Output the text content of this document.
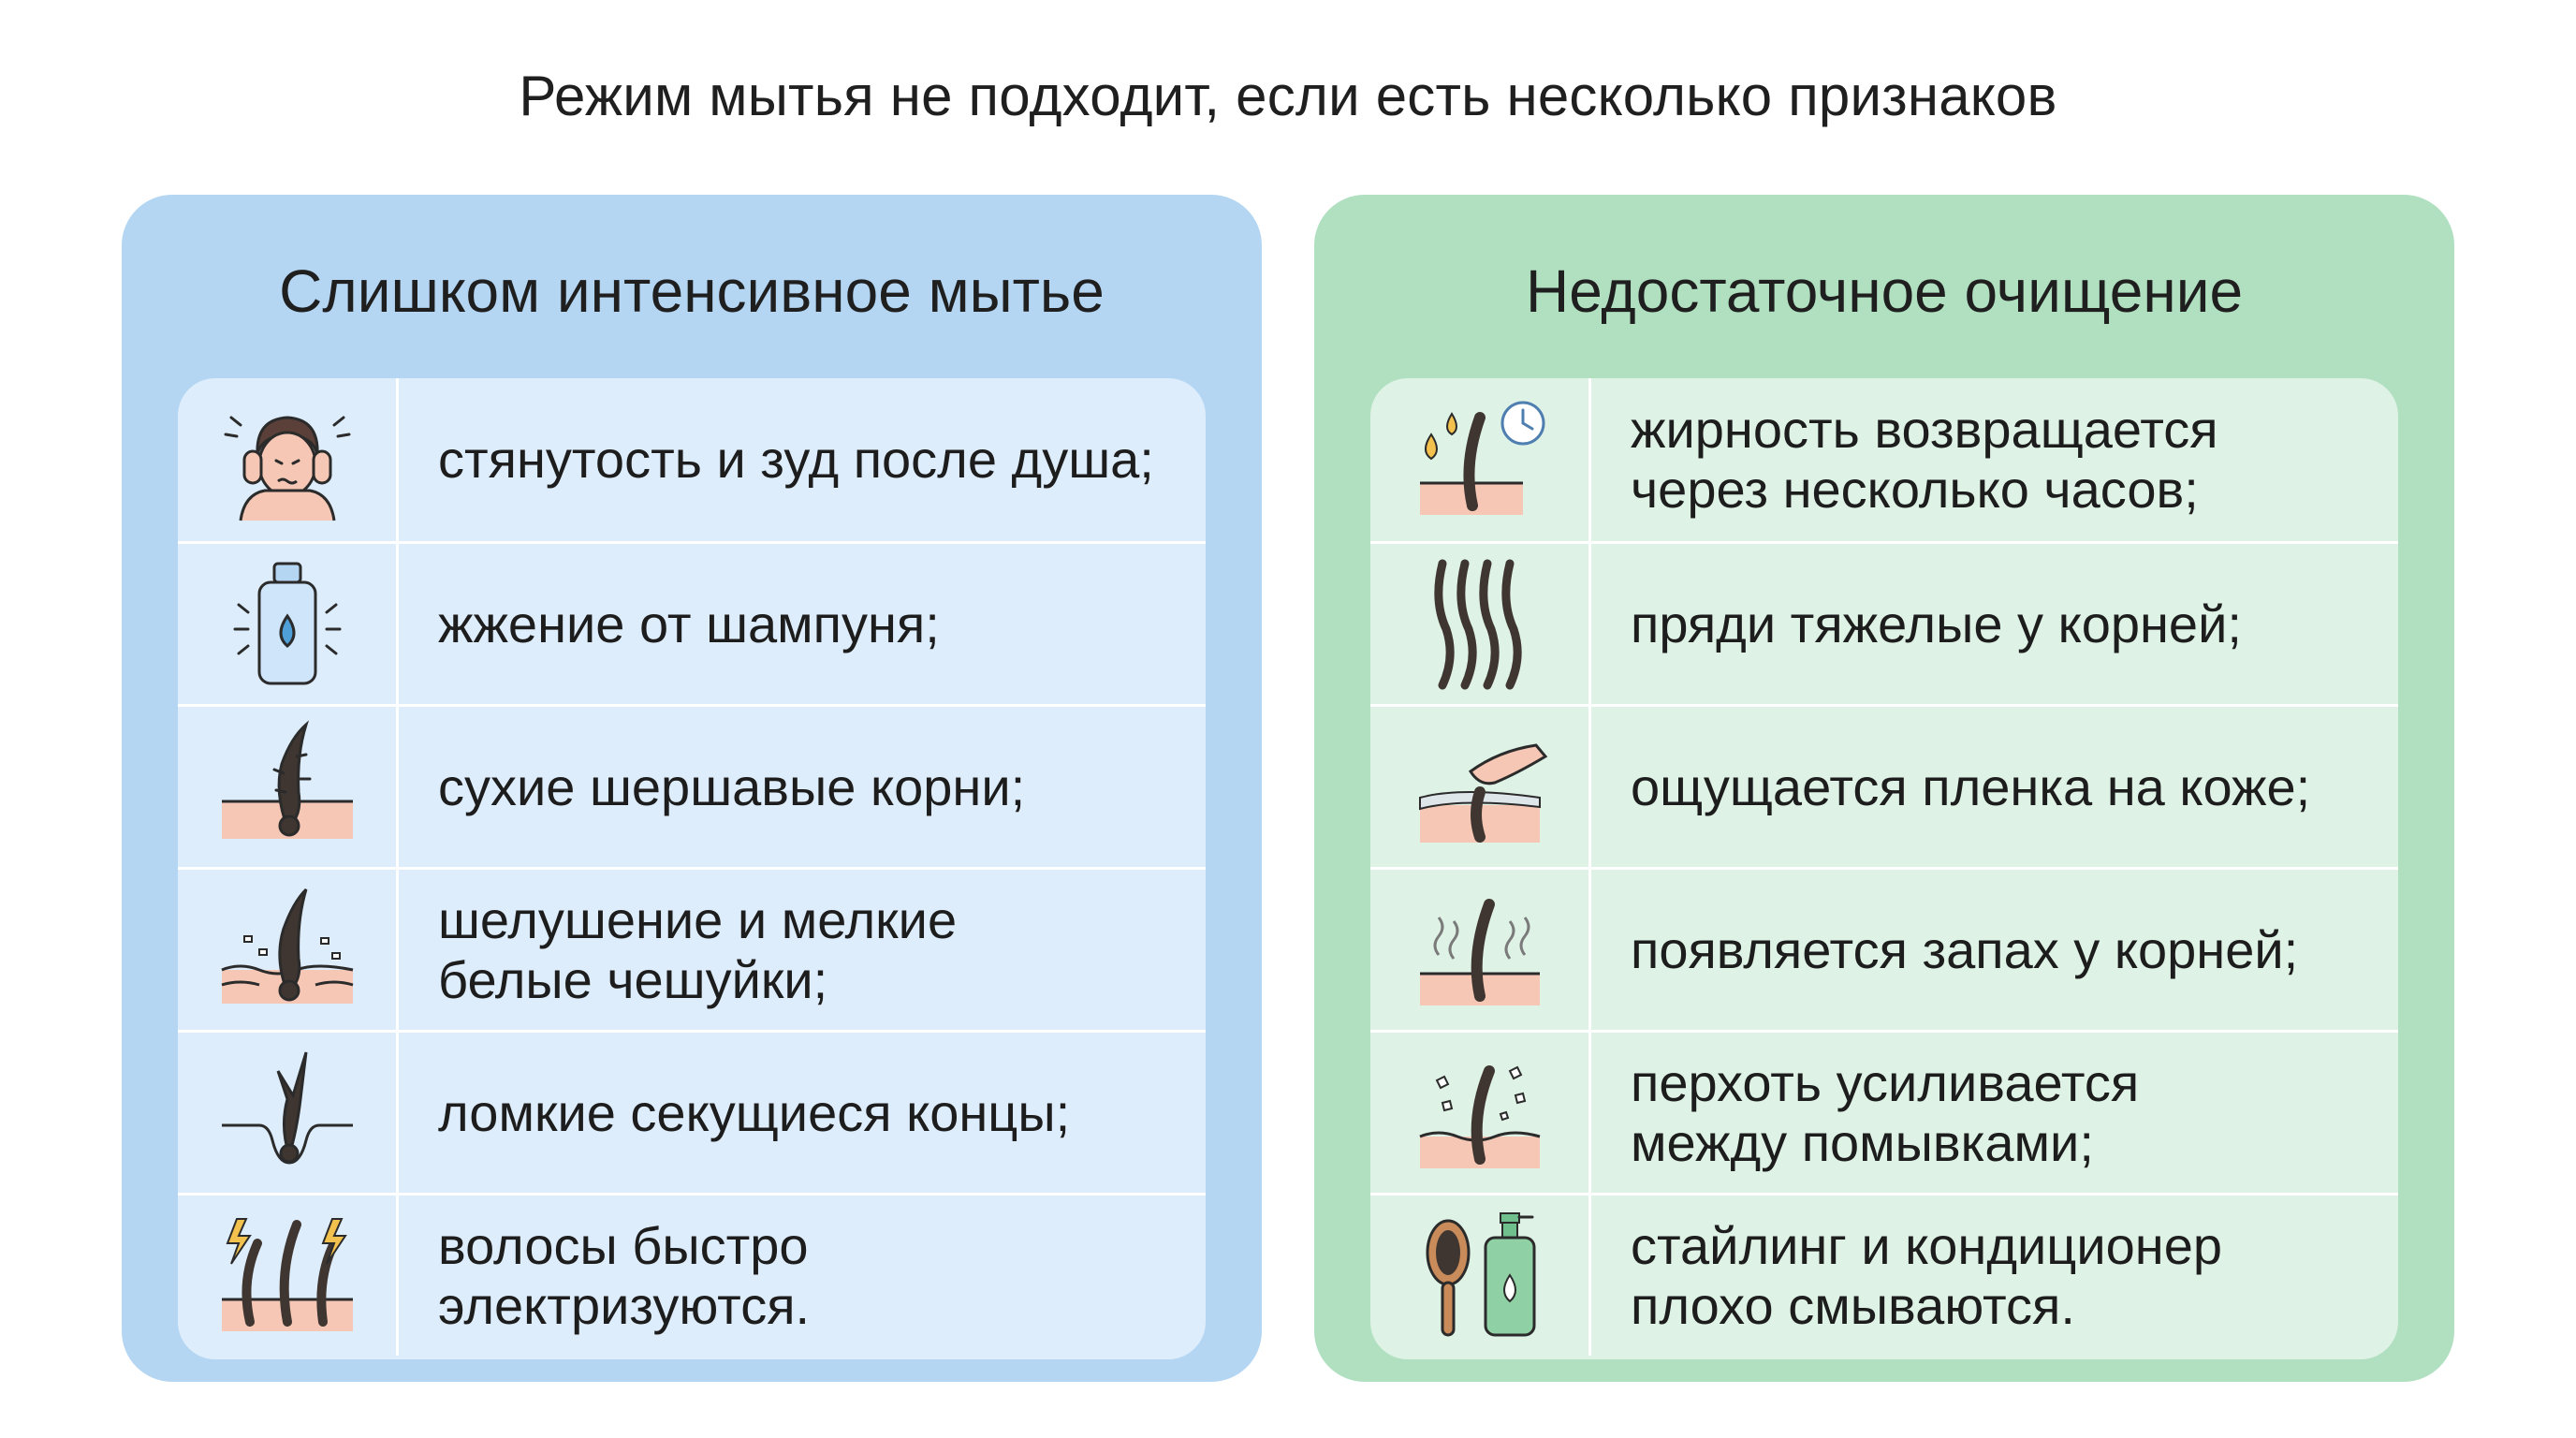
Режим мытья не подходит, если есть несколько признаков
Слишком интенсивное мытье
стянутость и зуд после душа;
жжение от шампуня;
сухие шершавые корни;
шелушение и мелкие
белые чешуйки;
ломкие секущиеся концы;
волосы быстро
электризуются.
Недостаточное очищение
жирность возвращается
через несколько часов;
пряди тяжелые у корней;
ощущается пленка на коже;
появляется запах у корней;
перхоть усиливается
между помывками;
стайлинг и кондиционер
плохо смываются.
